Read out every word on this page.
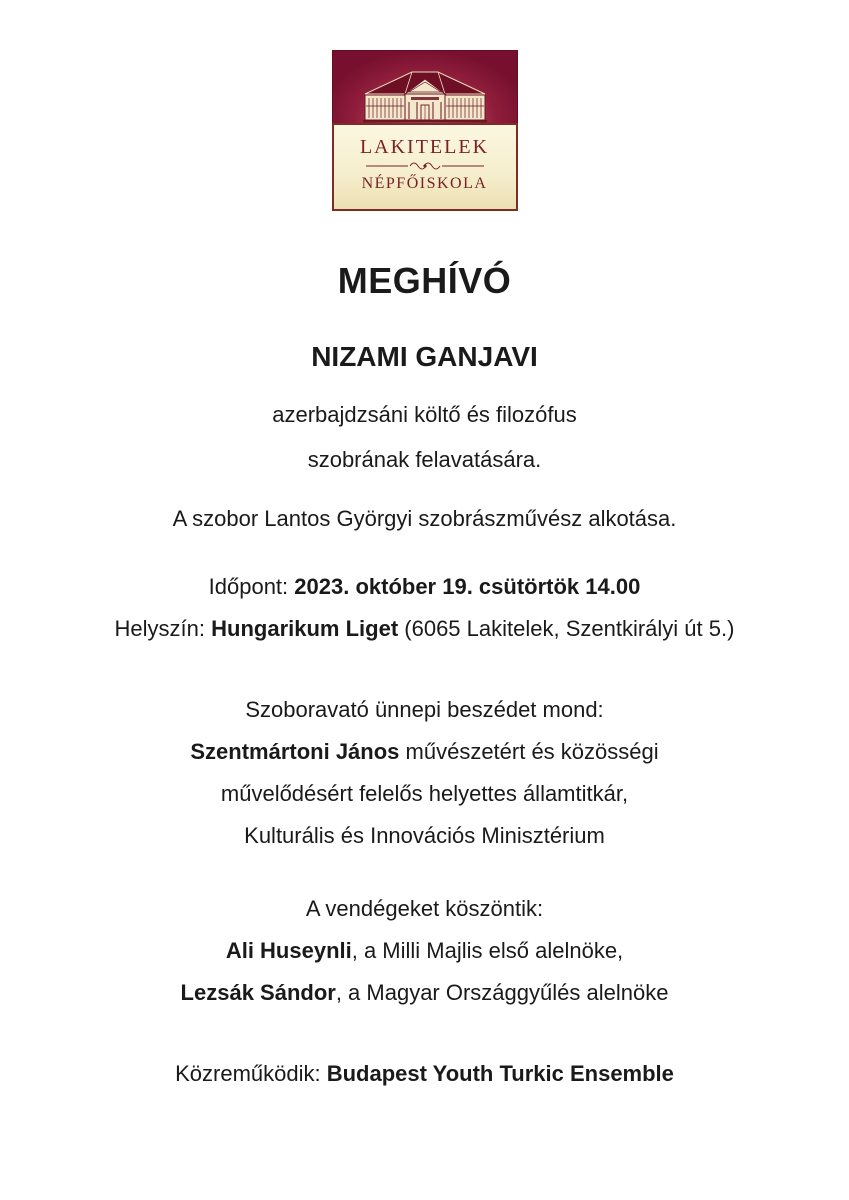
LAKITELEK
NÉPFŐISKOLA

MEGHÍVÓ

NIZAMI GANJAVI

azerbajdzsáni költő és filozófus
szobrának felavatására.

A szobor Lantos Györgyi szobrászművész alkotása.

Időpont: 2023. október 19. csütörtök 14.00
Helyszín: Hungarikum Liget (6065 Lakitelek, Szentkirályi út 5.)

Szoboravató ünnepi beszédet mond:
Szentmártoni János művészetért és közösségi
művelődésért felelős helyettes államtitkár,
Kulturális és Innovációs Minisztérium

A vendégeket köszöntik:
Ali Huseynli, a Milli Majlis első alelnöke,
Lezsák Sándor, a Magyar Országgyűlés alelnöke

Közreműködik: Budapest Youth Turkic Ensemble
